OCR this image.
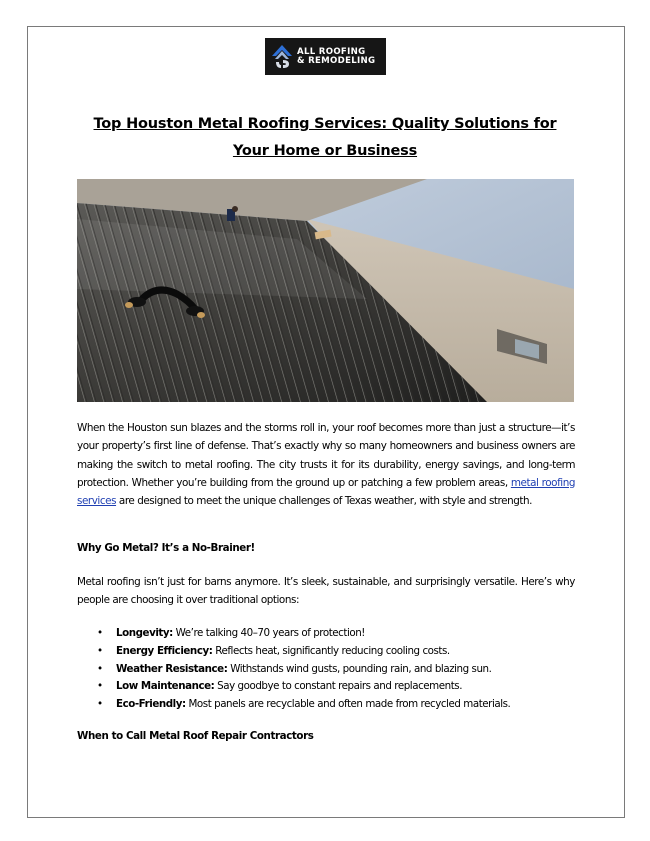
ALL ROOFING
& REMODELING
Top Houston Metal Roofing Services: Quality Solutions for Your Home or Business
When the Houston sun blazes and the storms roll in, your roof becomes more than just a structure—it’s your property’s first line of defense. That’s exactly why so many homeowners and business owners are making the switch to metal roofing. The city trusts it for its durability, energy savings, and long-term protection. Whether you’re building from the ground up or patching a few problem areas, metal roofing services are designed to meet the unique challenges of Texas weather, with style and strength.
Why Go Metal? It’s a No-Brainer!
Metal roofing isn’t just for barns anymore. It’s sleek, sustainable, and surprisingly versatile. Here’s why people are choosing it over traditional options:
• Longevity: We’re talking 40–70 years of protection!
• Energy Efficiency: Reflects heat, significantly reducing cooling costs.
• Weather Resistance: Withstands wind gusts, pounding rain, and blazing sun.
• Low Maintenance: Say goodbye to constant repairs and replacements.
• Eco-Friendly: Most panels are recyclable and often made from recycled materials.
When to Call Metal Roof Repair Contractors
